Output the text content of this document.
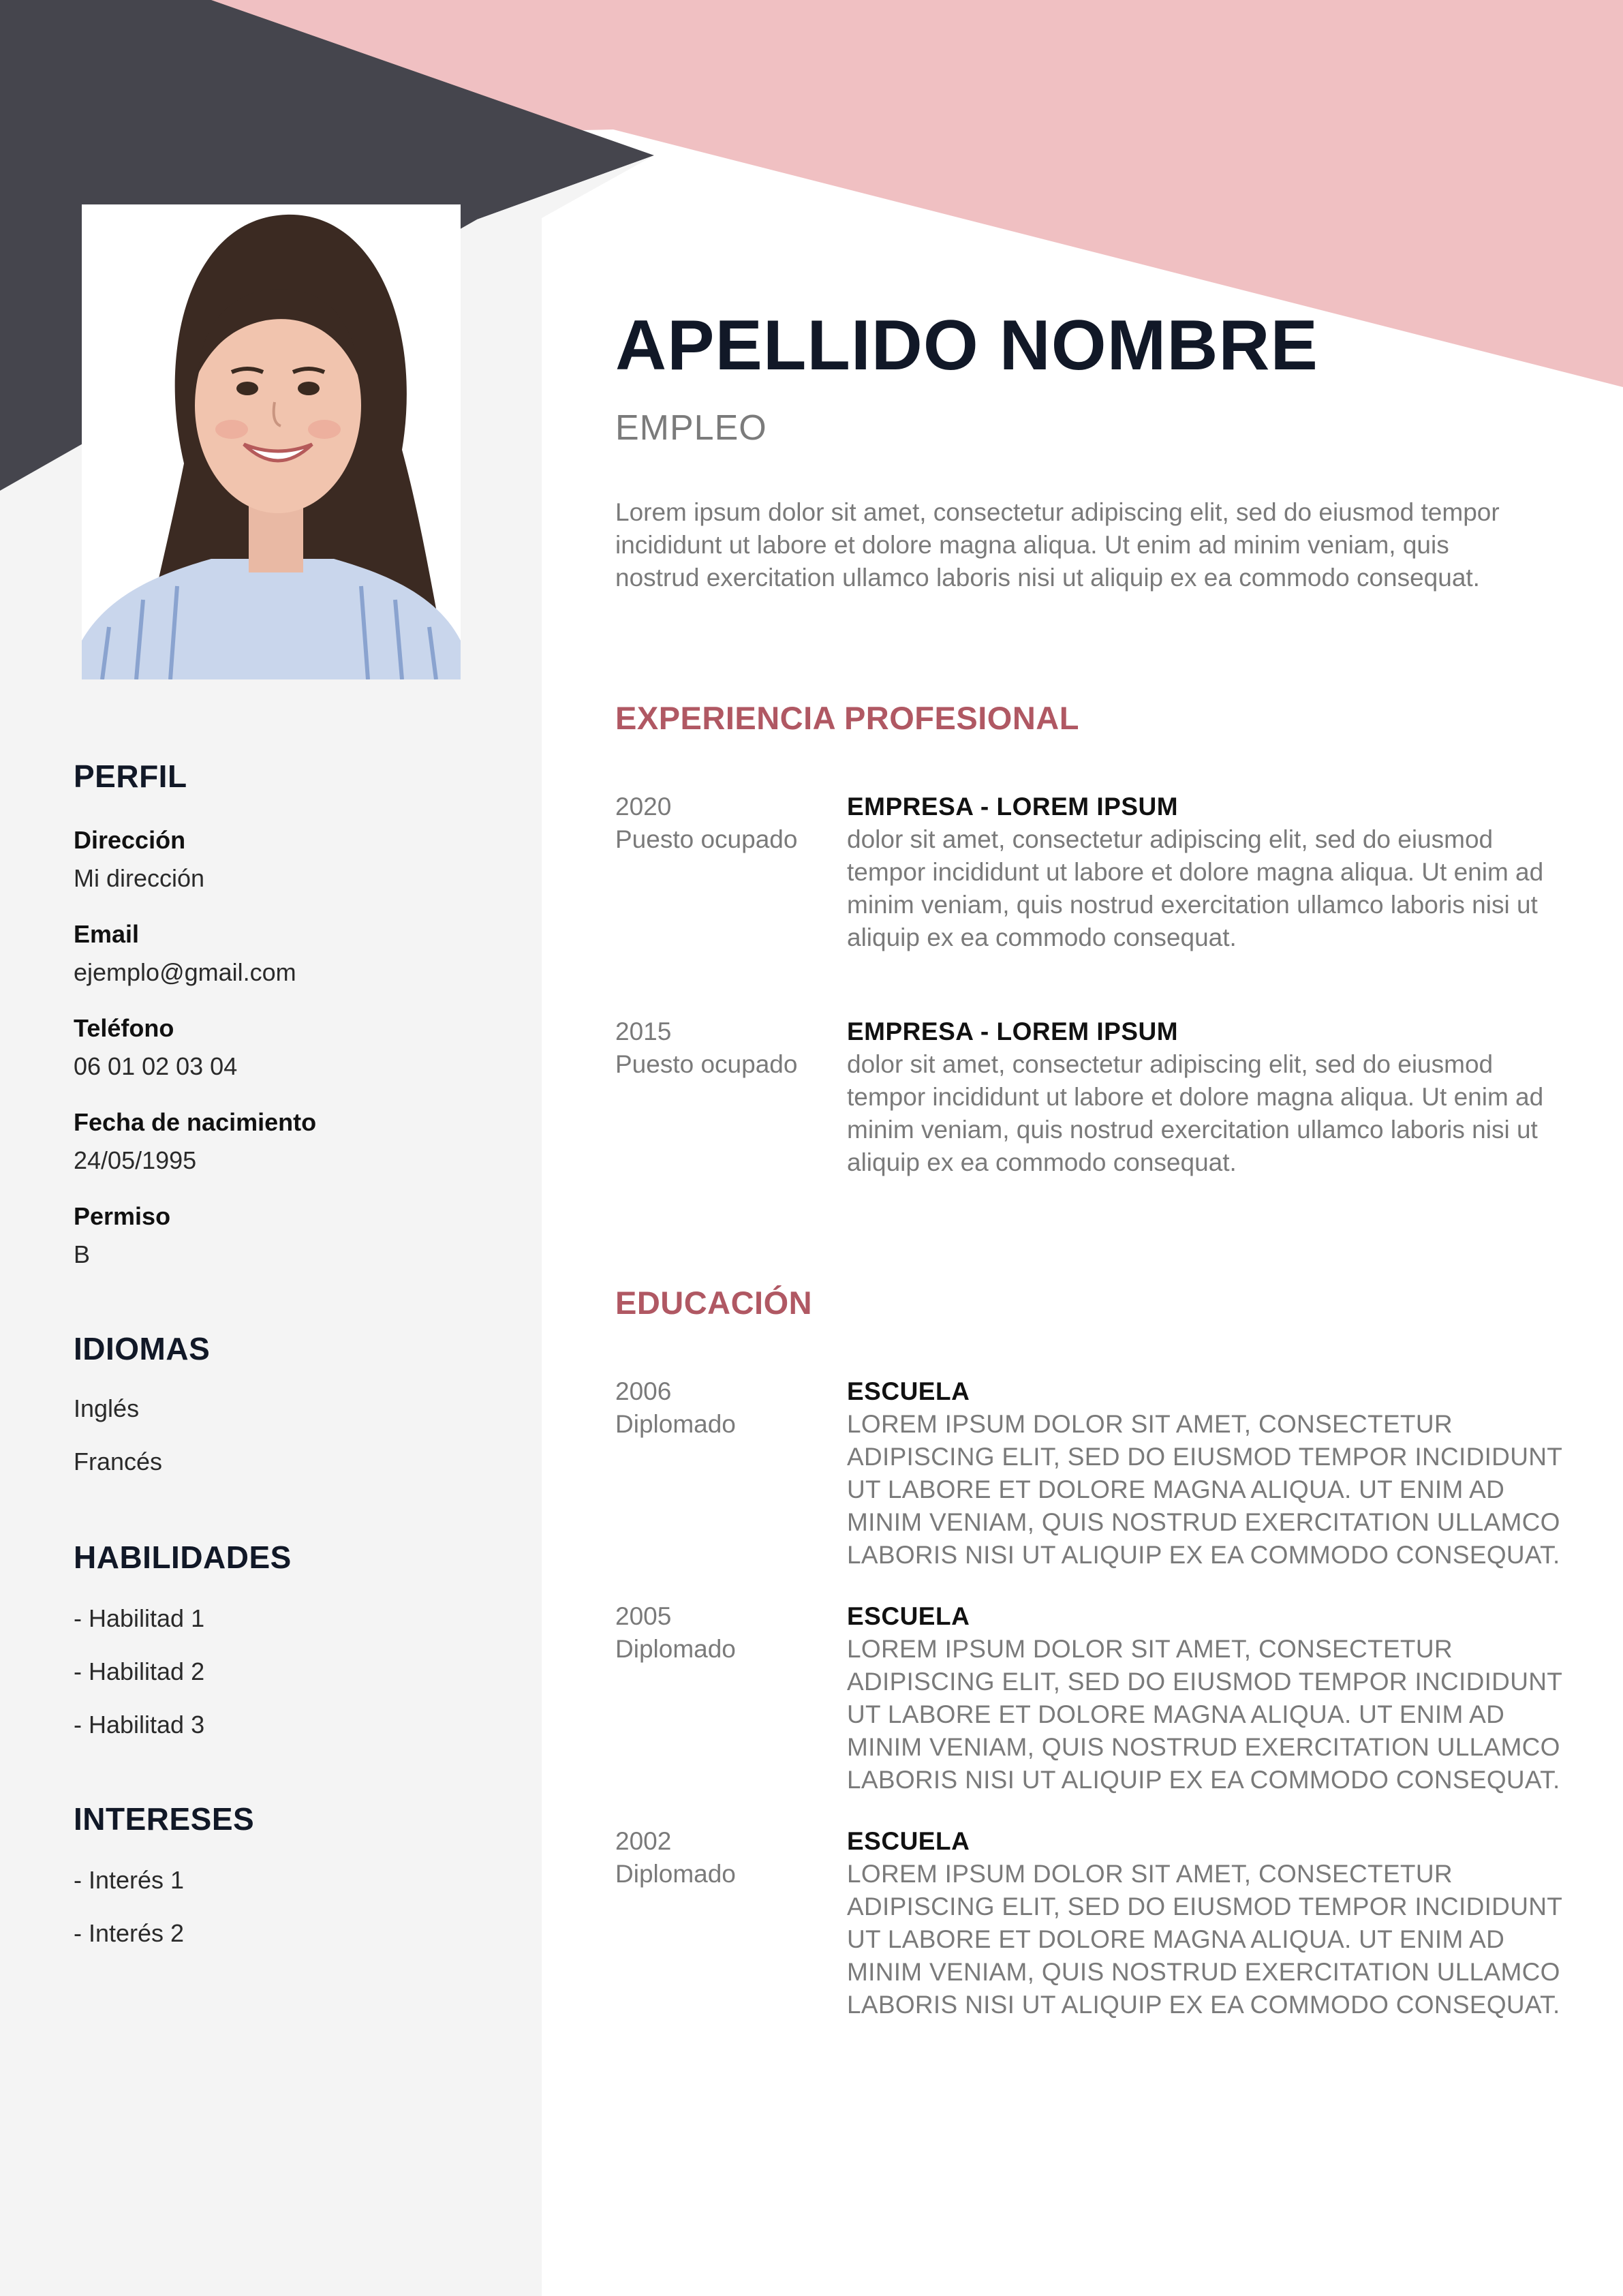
PERFIL
Dirección
Mi dirección
Email
ejemplo@gmail.com
Teléfono
06 01 02 03 04
Fecha de nacimiento
24/05/1995
Permiso
B
IDIOMAS
Inglés
Francés
HABILIDADES
- Habilitad 1
- Habilitad 2
- Habilitad 3
INTERESES
- Interés 1
- Interés 2
APELLIDO NOMBRE
EMPLEO
Lorem ipsum dolor sit amet, consectetur adipiscing elit, sed do eiusmod tempor incididunt ut labore et dolore magna aliqua. Ut enim ad minim veniam, quis nostrud exercitation ullamco laboris nisi ut aliquip ex ea commodo consequat.
EXPERIENCIA PROFESIONAL
2020
Puesto ocupado
EMPRESA - LOREM IPSUM
dolor sit amet, consectetur adipiscing elit, sed do eiusmod tempor incididunt ut labore et dolore magna aliqua. Ut enim ad minim veniam, quis nostrud exercitation ullamco laboris nisi ut aliquip ex ea commodo consequat.
2015
Puesto ocupado
EMPRESA - LOREM IPSUM
dolor sit amet, consectetur adipiscing elit, sed do eiusmod tempor incididunt ut labore et dolore magna aliqua. Ut enim ad minim veniam, quis nostrud exercitation ullamco laboris nisi ut aliquip ex ea commodo consequat.
EDUCACIÓN
2006
Diplomado
ESCUELA
LOREM IPSUM DOLOR SIT AMET, CONSECTETUR ADIPISCING ELIT, SED DO EIUSMOD TEMPOR INCIDIDUNT UT LABORE ET DOLORE MAGNA ALIQUA. UT ENIM AD MINIM VENIAM, QUIS NOSTRUD EXERCITATION ULLAMCO LABORIS NISI UT ALIQUIP EX EA COMMODO CONSEQUAT.
2005
Diplomado
ESCUELA
LOREM IPSUM DOLOR SIT AMET, CONSECTETUR ADIPISCING ELIT, SED DO EIUSMOD TEMPOR INCIDIDUNT UT LABORE ET DOLORE MAGNA ALIQUA. UT ENIM AD MINIM VENIAM, QUIS NOSTRUD EXERCITATION ULLAMCO LABORIS NISI UT ALIQUIP EX EA COMMODO CONSEQUAT.
2002
Diplomado
ESCUELA
LOREM IPSUM DOLOR SIT AMET, CONSECTETUR ADIPISCING ELIT, SED DO EIUSMOD TEMPOR INCIDIDUNT UT LABORE ET DOLORE MAGNA ALIQUA. UT ENIM AD MINIM VENIAM, QUIS NOSTRUD EXERCITATION ULLAMCO LABORIS NISI UT ALIQUIP EX EA COMMODO CONSEQUAT.
